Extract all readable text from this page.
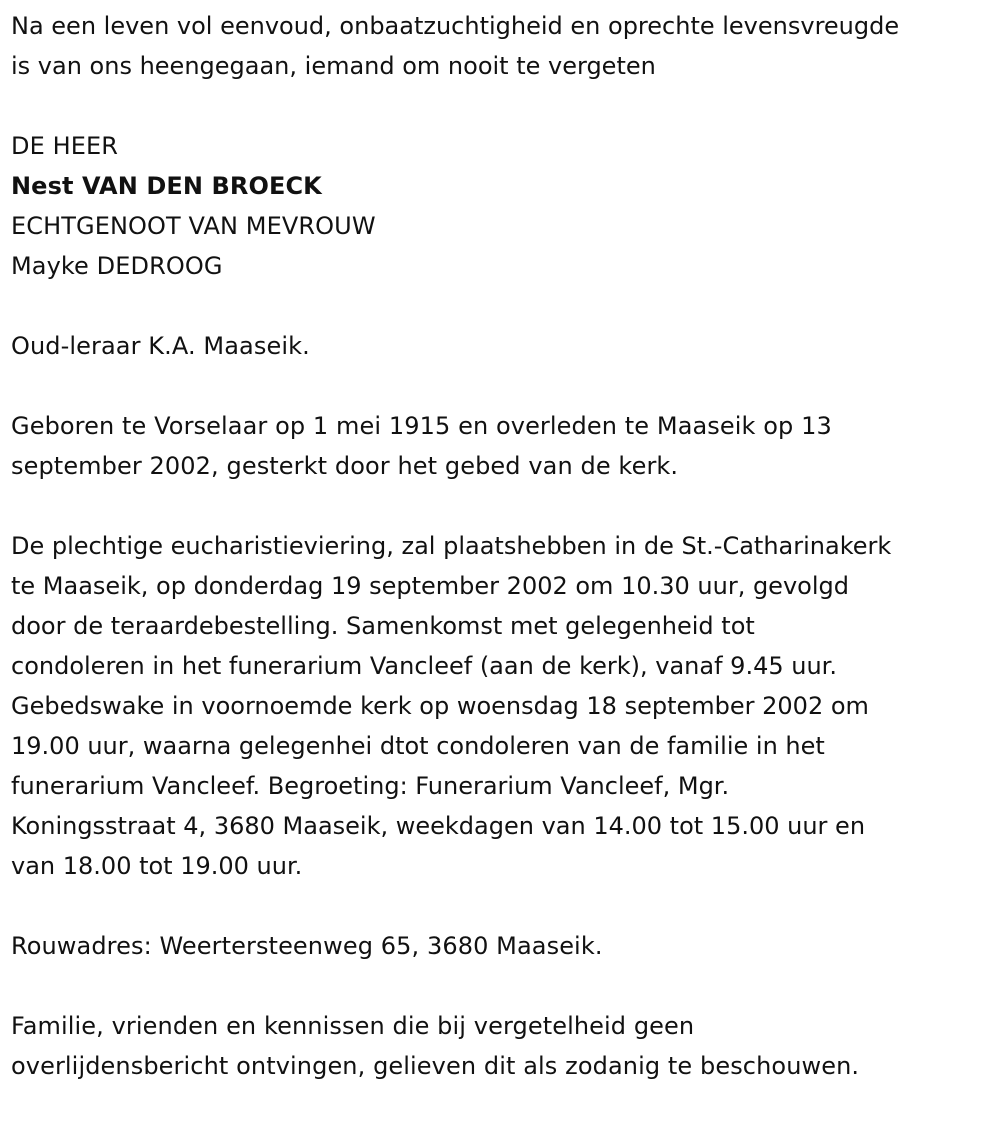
Na een leven vol eenvoud, onbaatzuchtigheid en oprechte levensvreugde
is van ons heengegaan, iemand om nooit te vergeten

DE HEER

Nest VAN DEN BROECK

ECHTGENOOT VAN MEVROUW

Mayke DEDROOG

Oud-leraar K.A. Maaseik.

Geboren te Vorselaar op 1 mei 1915 en overleden te Maaseik op 13
september 2002, gesterkt door het gebed van de kerk.

De plechtige eucharistieviering, zal plaatshebben in de St.-Catharinakerk
te Maaseik, op donderdag 19 september 2002 om 10.30 uur, gevolgd
door de teraardebestelling. Samenkomst met gelegenheid tot
condoleren in het funerarium Vancleef (aan de kerk), vanaf 9.45 uur.
Gebedswake in voornoemde kerk op woensdag 18 september 2002 om
19.00 uur, waarna gelegenhei dtot condoleren van de familie in het
funerarium Vancleef. Begroeting: Funerarium Vancleef, Mgr.
Koningsstraat 4, 3680 Maaseik, weekdagen van 14.00 tot 15.00 uur en
van 18.00 tot 19.00 uur.

Rouwadres: Weertersteenweg 65, 3680 Maaseik.

Familie, vrienden en kennissen die bij vergetelheid geen
overlijdensbericht ontvingen, gelieven dit als zodanig te beschouwen.
